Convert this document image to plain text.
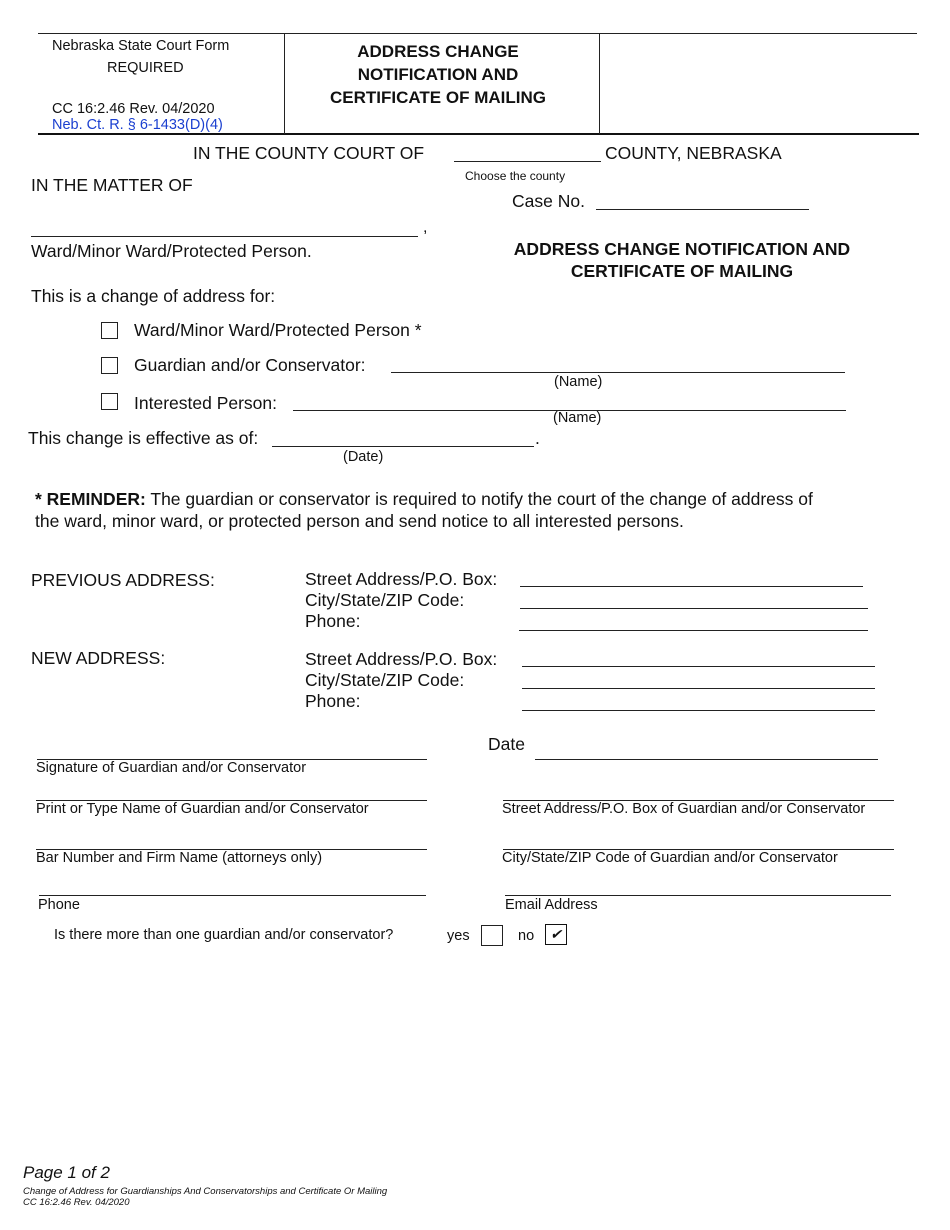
Nebraska State Court Form
REQUIRED
CC 16:2.46 Rev. 04/2020
Neb. Ct. R. § 6-1433(D)(4)
ADDRESS CHANGE
NOTIFICATION AND
CERTIFICATE OF MAILING
IN THE COUNTY COURT OF	COUNTY, NEBRASKA
Choose the county
IN THE MATTER OF
Case No.
,
Ward/Minor Ward/Protected Person.	ADDRESS CHANGE NOTIFICATION AND
CERTIFICATE OF MAILING
This is a change of address for:
Ward/Minor Ward/Protected Person *
Guardian and/or Conservator:
(Name)
Interested Person:
(Name)
This change is effective as of:	.
(Date)
* REMINDER: The guardian or conservator is required to notify the court of the change of address of
the ward, minor ward, or protected person and send notice to all interested persons.
PREVIOUS ADDRESS:	Street Address/P.O. Box:
City/State/ZIP Code:
Phone:
NEW ADDRESS:	Street Address/P.O. Box:
City/State/ZIP Code:
Phone:
Date
Signature of Guardian and/or Conservator
Print or Type Name of Guardian and/or Conservator	Street Address/P.O. Box of Guardian and/or Conservator
Bar Number and Firm Name (attorneys only)	City/State/ZIP Code of Guardian and/or Conservator
Phone	Email Address
Is there more than one guardian and/or conservator?	yes	no	✔
Page 1 of 2
Change of Address for Guardianships And Conservatorships and Certificate Or Mailing
CC 16:2.46 Rev. 04/2020
